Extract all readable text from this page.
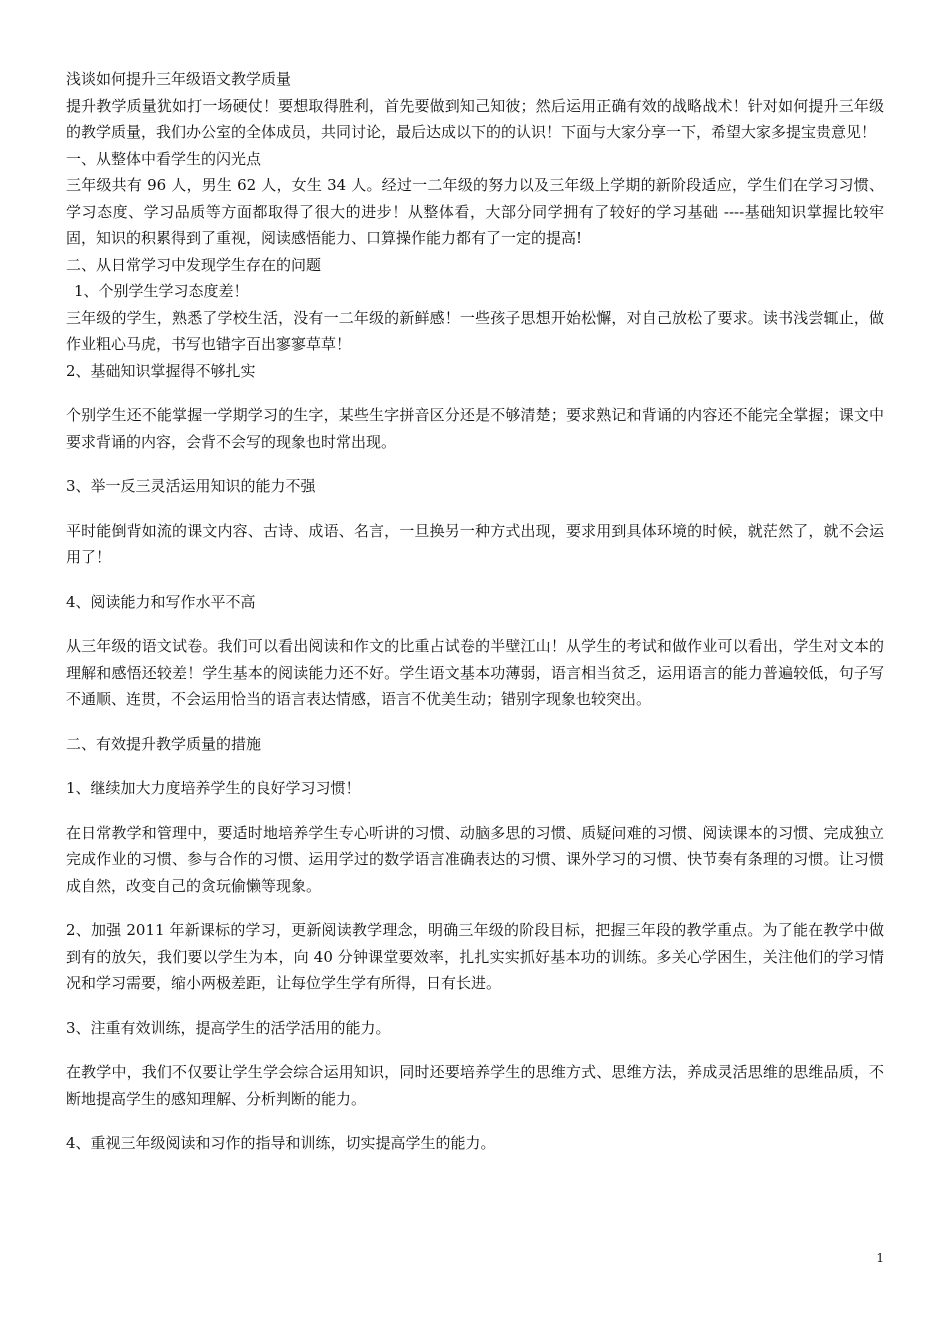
浅谈如何提升三年级语文教学质量

提升教学质量犹如打一场硬仗！要想取得胜利，首先要做到知己知彼；然后运用正确有效的战略战术！针对如何提升三年级的教学质量，我们办公室的全体成员，共同讨论，最后达成以下的的认识！下面与大家分享一下，希望大家多提宝贵意见！

一、从整体中看学生的闪光点

三年级共有 96 人，男生 62 人，女生 34 人。经过一二年级的努力以及三年级上学期的新阶段适应，学生们在学习习惯、学习态度、学习品质等方面都取得了很大的进步！从整体看，大部分同学拥有了较好的学习基础 ----基础知识掌握比较牢固，知识的积累得到了重视，阅读感悟能力、口算操作能力都有了一定的提高!

二、从日常学习中发现学生存在的问题

1、个别学生学习态度差！

三年级的学生，熟悉了学校生活，没有一二年级的新鲜感！一些孩子思想开始松懈，对自己放松了要求。读书浅尝辄止，做作业粗心马虎，书写也错字百出寥寥草草！

2、基础知识掌握得不够扎实

个别学生还不能掌握一学期学习的生字，某些生字拼音区分还是不够清楚；要求熟记和背诵的内容还不能完全掌握；课文中要求背诵的内容，会背不会写的现象也时常出现。

3、举一反三灵活运用知识的能力不强

平时能倒背如流的课文内容、古诗、成语、名言，一旦换另一种方式出现，要求用到具体环境的时候，就茫然了，就不会运用了！

4、阅读能力和写作水平不高

从三年级的语文试卷。我们可以看出阅读和作文的比重占试卷的半壁江山！从学生的考试和做作业可以看出，学生对文本的理解和感悟还较差！学生基本的阅读能力还不好。学生语文基本功薄弱，语言相当贫乏，运用语言的能力普遍较低，句子写不通顺、连贯，不会运用恰当的语言表达情感，语言不优美生动；错别字现象也较突出。

二、有效提升教学质量的措施

1、继续加大力度培养学生的良好学习习惯！

在日常教学和管理中，要适时地培养学生专心听讲的习惯、动脑多思的习惯、质疑问难的习惯、阅读课本的习惯、完成独立完成作业的习惯、参与合作的习惯、运用学过的数学语言准确表达的习惯、课外学习的习惯、快节奏有条理的习惯。让习惯成自然，改变自己的贪玩偷懒等现象。

2、加强 2011 年新课标的学习，更新阅读教学理念，明确三年级的阶段目标，把握三年段的教学重点。为了能在教学中做到有的放矢，我们要以学生为本，向 40 分钟课堂要效率，扎扎实实抓好基本功的训练。多关心学困生，关注他们的学习情况和学习需要，缩小两极差距，让每位学生学有所得，日有长进。

3、注重有效训练，提高学生的活学活用的能力。

在教学中，我们不仅要让学生学会综合运用知识，同时还要培养学生的思维方式、思维方法，养成灵活思维的思维品质，不断地提高学生的感知理解、分析判断的能力。

4、重视三年级阅读和习作的指导和训练，切实提高学生的能力。

1
